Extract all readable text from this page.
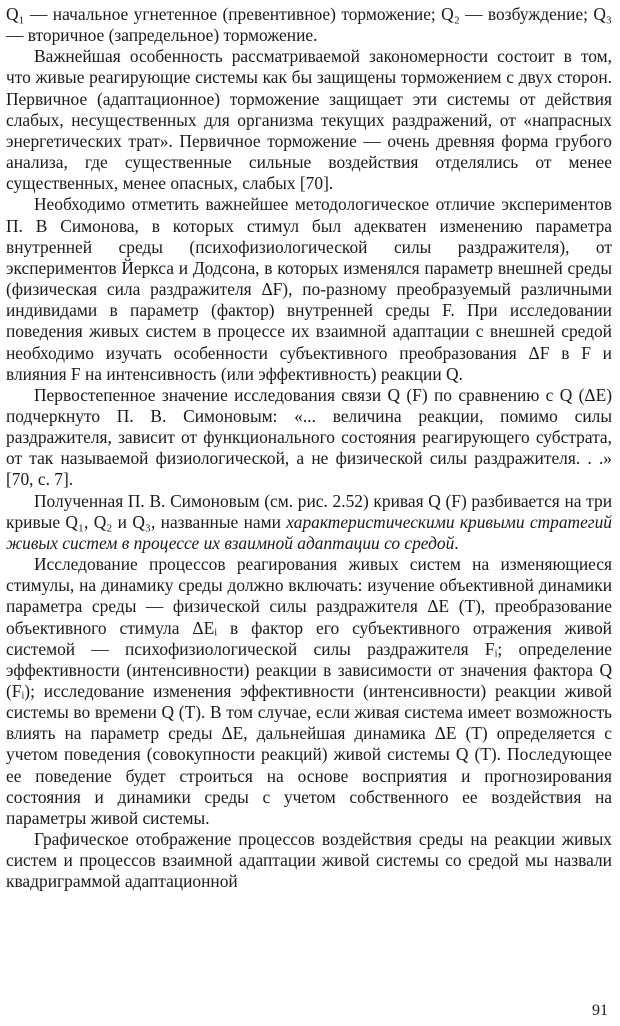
Q₁ — начальное угнетенное (превентивное) торможение; Q₂ — возбуждение; Q₃ — вторичное (запредельное) торможение.

Важнейшая особенность рассматриваемой закономерности состоит в том, что живые реагирующие системы как бы защищены торможением с двух сторон. Первичное (адаптационное) торможение защищает эти системы от действия слабых, несущественных для организма текущих раздражений, от «напрасных энергетических трат». Первичное торможение — очень древняя форма грубого анализа, где существенные сильные воздействия отделялись от менее существенных, менее опасных, слабых [70].

Необходимо отметить важнейшее методологическое отличие экспериментов П. В Симонова, в которых стимул был адекватен изменению параметра внутренней среды (психофизиологической силы раздражителя), от экспериментов Йеркса и Додсона, в которых изменялся параметр внешней среды (физическая сила раздражителя ΔF), по-разному преобразуемый различными индивидами в параметр (фактор) внутренней среды F. При исследовании поведения живых систем в процессе их взаимной адаптации с внешней средой необходимо изучать особенности субъективного преобразования ΔF в F и влияния F на интенсивность (или эффективность) реакции Q.

Первостепенное значение исследования связи Q (F) по сравнению с Q (ΔE) подчеркнуто П. В. Симоновым: «... величина реакции, помимо силы раздражителя, зависит от функционального состояния реагирующего субстрата, от так называемой физиологической, а не физической силы раздражителя. . .» [70, с. 7].

Полученная П. В. Симоновым (см. рис. 2.52) кривая Q (F) разбивается на три кривые Q₁, Q₂ и Q₃, названные нами характеристическими кривыми стратегий живых систем в процессе их взаимной адаптации со средой.

Исследование процессов реагирования живых систем на изменяющиеся стимулы, на динамику среды должно включать: изучение объективной динамики параметра среды — физической силы раздражителя ΔE (T), преобразование объективного стимула ΔEᵢ в фактор его субъективного отражения живой системой — психофизиологической силы раздражителя Fᵢ; определение эффективности (интенсивности) реакции в зависимости от значения фактора Q (Fᵢ); исследование изменения эффективности (интенсивности) реакции живой системы во времени Q (T). В том случае, если живая система имеет возможность влиять на параметр среды ΔE, дальнейшая динамика ΔE (T) определяется с учетом поведения (совокупности реакций) живой системы Q (T). Последующее ее поведение будет строиться на основе восприятия и прогнозирования состояния и динамики среды с учетом собственного ее воздействия на параметры живой системы.

Графическое отображение процессов воздействия среды на реакции живых систем и процессов взаимной адаптации живой системы со средой мы назвали квадриграммой адаптационной

91
